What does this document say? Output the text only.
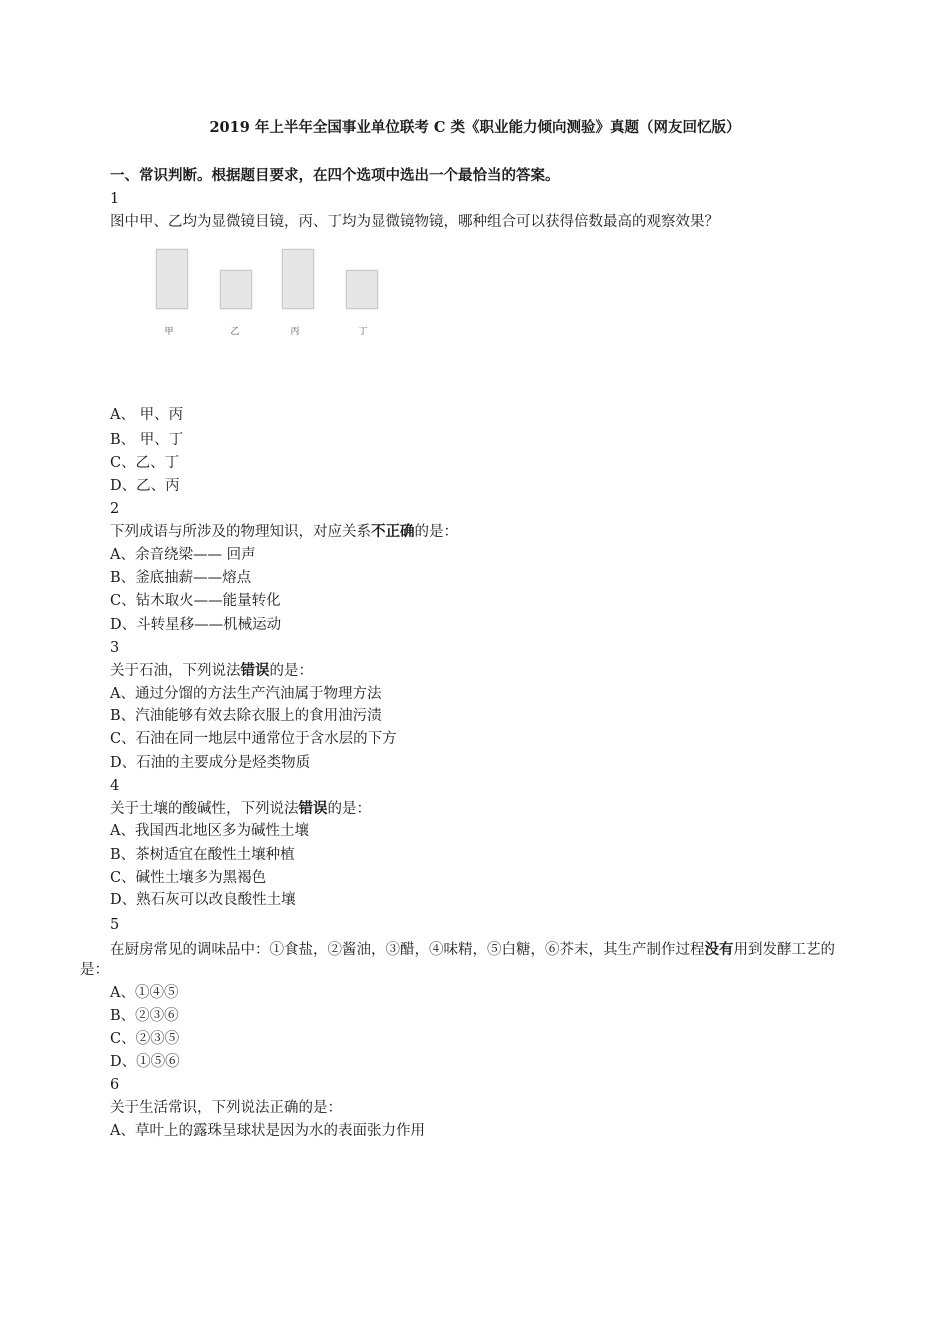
2019 年上半年全国事业单位联考 C 类《职业能力倾向测验》真题（网友回忆版）
一、常识判断。根据题目要求，在四个选项中选出一个最恰当的答案。
1
图中甲、乙均为显微镜目镜，丙、丁均为显微镜物镜，哪种组合可以获得倍数最高的观察效果？
甲	乙	丙	丁
A、 甲、丙
B、 甲、丁
C、乙、丁
D、乙、丙
2
下列成语与所涉及的物理知识，对应关系不正确的是：
A、余音绕梁—— 回声
B、釜底抽薪——熔点
C、钻木取火——能量转化
D、斗转星移——机械运动
3
关于石油，下列说法错误的是：
A、通过分馏的方法生产汽油属于物理方法
B、汽油能够有效去除衣服上的食用油污渍
C、石油在同一地层中通常位于含水层的下方
D、石油的主要成分是烃类物质
4
关于土壤的酸碱性，下列说法错误的是：
A、我国西北地区多为碱性土壤
B、茶树适宜在酸性土壤种植
C、碱性土壤多为黑褐色
D、熟石灰可以改良酸性土壤
5
在厨房常见的调味品中：①食盐，②酱油，③醋，④味精，⑤白糖，⑥芥末，其生产制作过程没有用到发酵工艺的是：
A、①④⑤
B、②③⑥
C、②③⑤
D、①⑤⑥
6
关于生活常识，下列说法正确的是：
A、草叶上的露珠呈球状是因为水的表面张力作用
